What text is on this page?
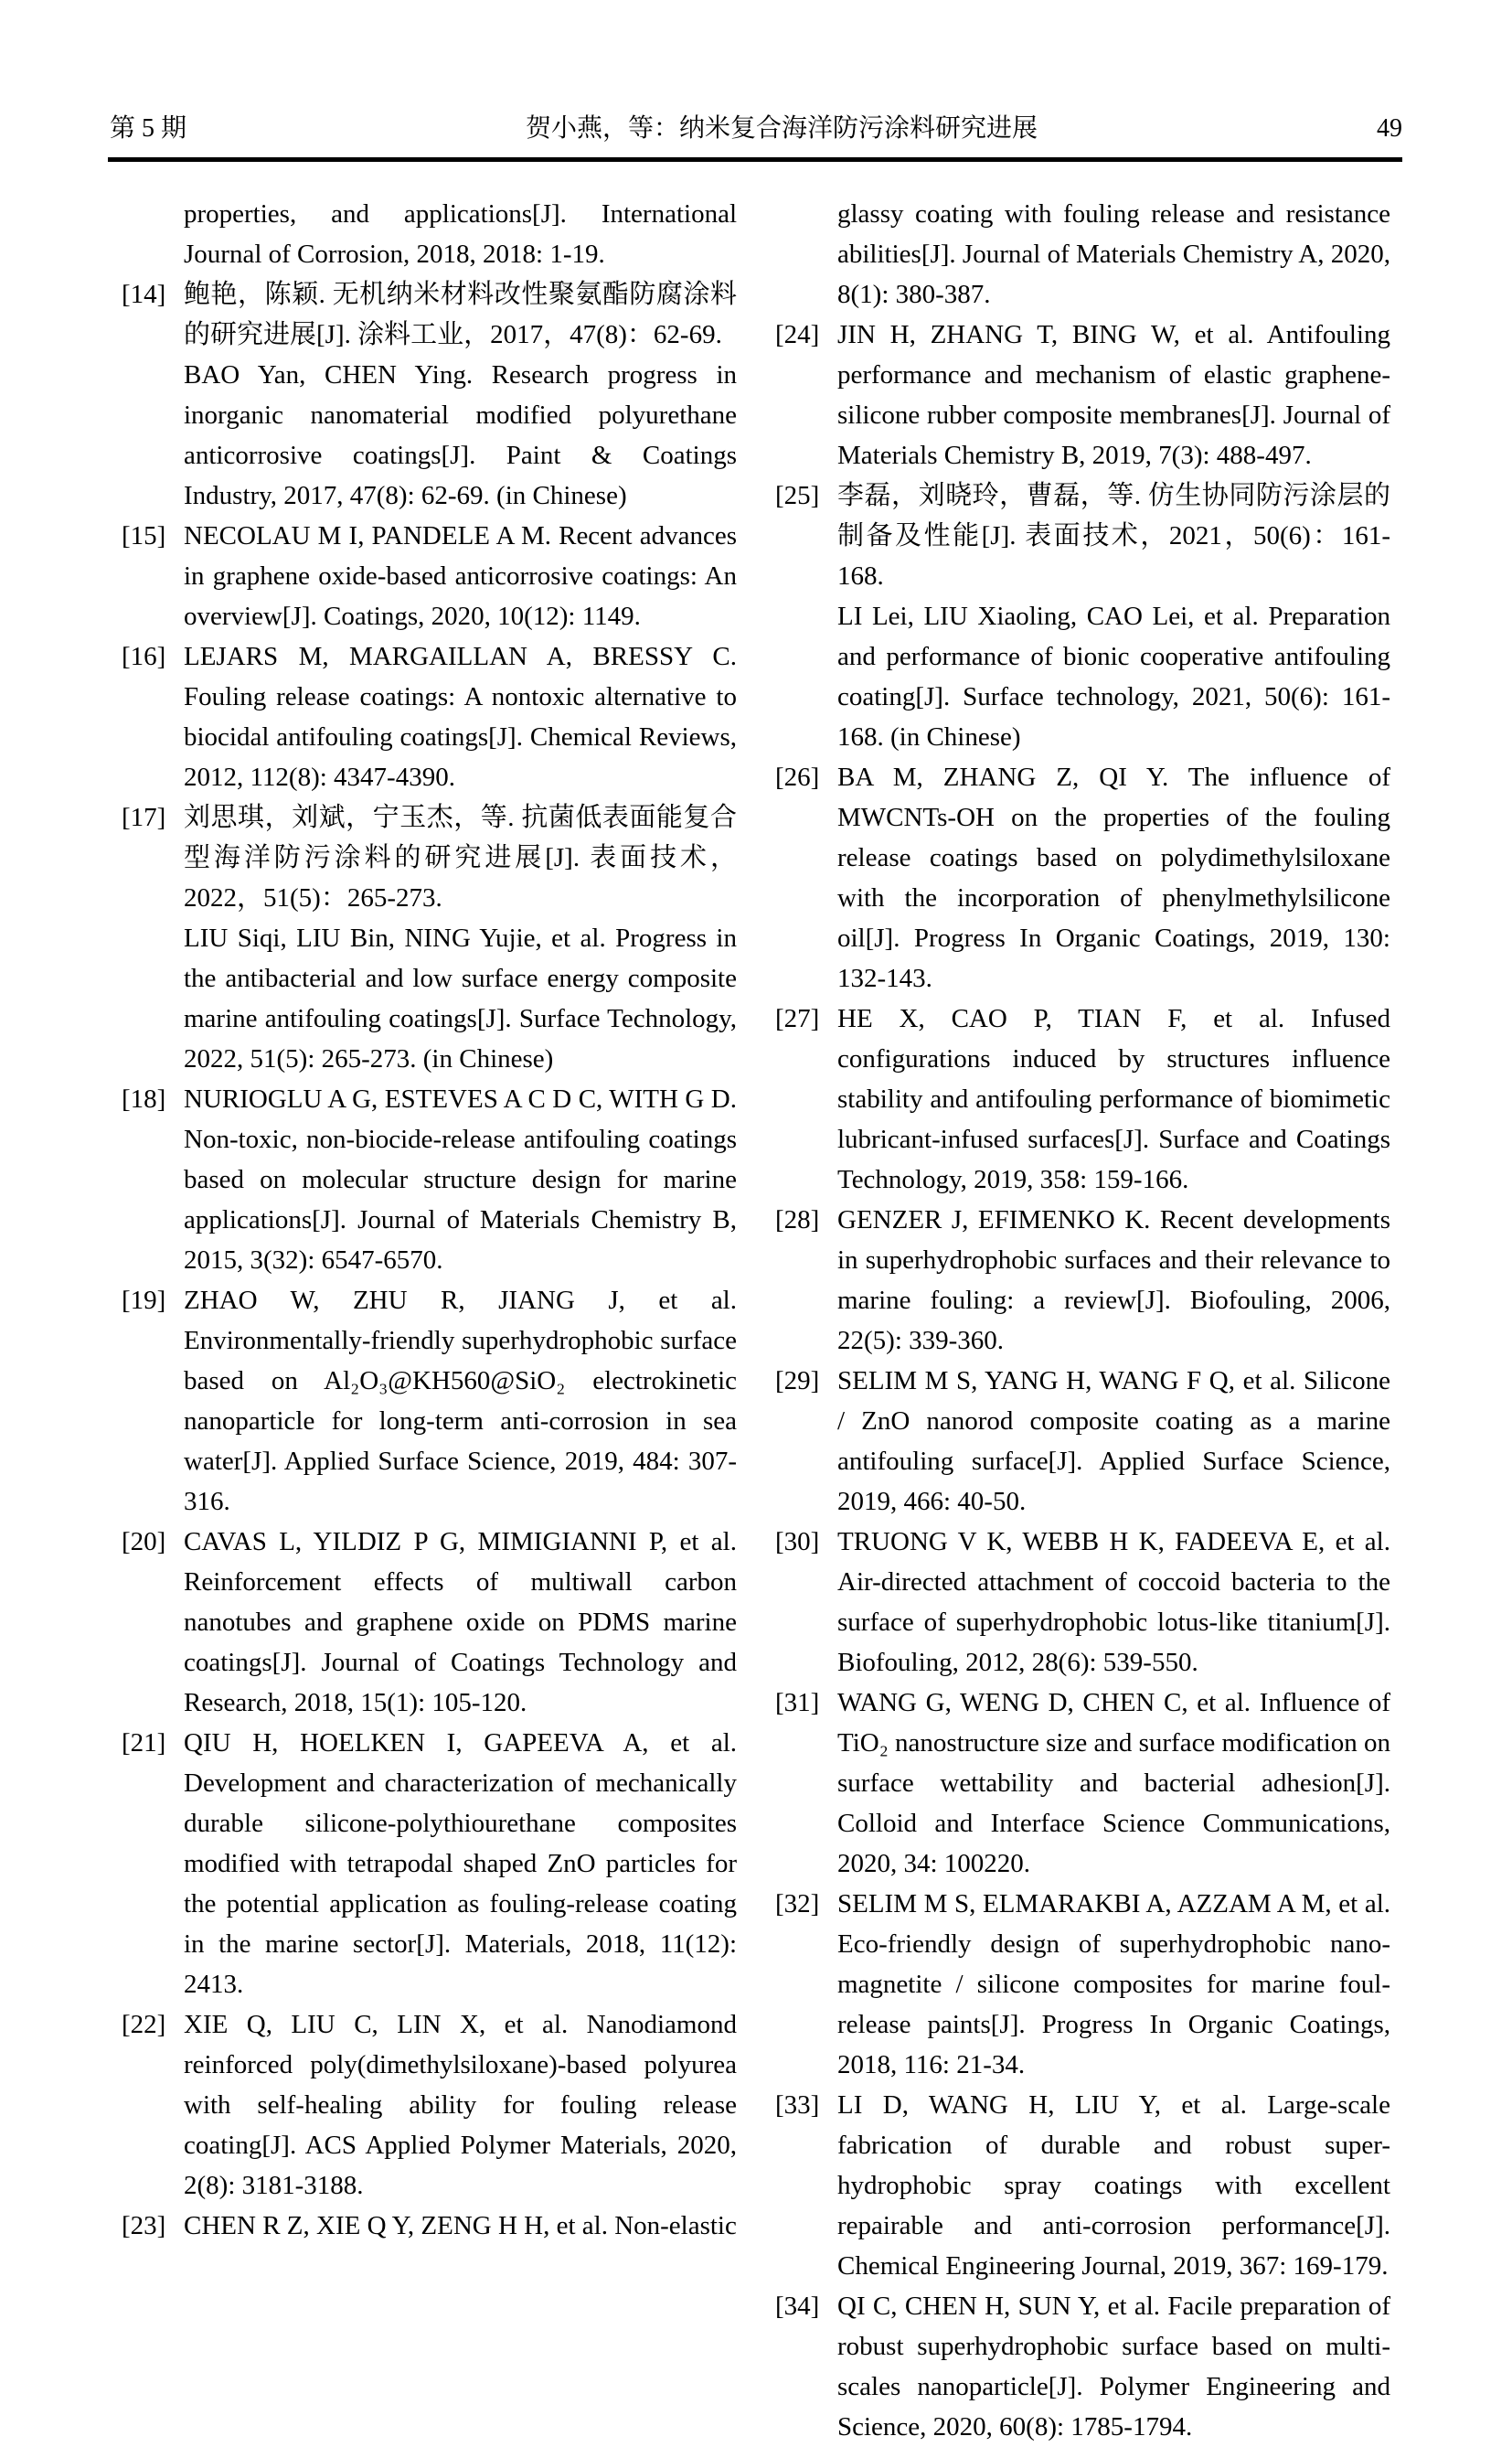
第 5 期	贺小燕，等：纳米复合海洋防污涂料研究进展	49

properties, and applications[J]. International Journal of Corrosion, 2018, 2018: 1-19.

[14] 鲍艳，陈颖. 无机纳米材料改性聚氨酯防腐涂料的研究进展[J]. 涂料工业，2017，47(8)：62-69.

BAO Yan, CHEN Ying. Research progress in inorganic nanomaterial modified polyurethane anticorrosive coatings[J]. Paint & Coatings Industry, 2017, 47(8): 62-69. (in Chinese)

[15] NECOLAU M I, PANDELE A M. Recent advances in graphene oxide-based anticorrosive coatings: An overview[J]. Coatings, 2020, 10(12): 1149.

[16] LEJARS M, MARGAILLAN A, BRESSY C. Fouling release coatings: A nontoxic alternative to biocidal antifouling coatings[J]. Chemical Reviews, 2012, 112(8): 4347-4390.

[17] 刘思琪，刘斌，宁玉杰，等. 抗菌低表面能复合型海洋防污涂料的研究进展[J]. 表面技术，2022，51(5)：265-273.

LIU Siqi, LIU Bin, NING Yujie, et al. Progress in the antibacterial and low surface energy composite marine antifouling coatings[J]. Surface Technology, 2022, 51(5): 265-273. (in Chinese)

[18] NURIOGLU A G, ESTEVES A C D C, WITH G D. Non-toxic, non-biocide-release antifouling coatings based on molecular structure design for marine applications[J]. Journal of Materials Chemistry B, 2015, 3(32): 6547-6570.

[19] ZHAO W, ZHU R, JIANG J, et al. Environmentally-friendly superhydrophobic surface based on Al₂O₃@KH560@SiO₂ electrokinetic nanoparticle for long-term anti-corrosion in sea water[J]. Applied Surface Science, 2019, 484: 307-316.

[20] CAVAS L, YILDIZ P G, MIMIGIANNI P, et al. Reinforcement effects of multiwall carbon nanotubes and graphene oxide on PDMS marine coatings[J]. Journal of Coatings Technology and Research, 2018, 15(1): 105-120.

[21] QIU H, HOELKEN I, GAPEEVA A, et al. Development and characterization of mechanically durable silicone-polythiourethane composites modified with tetrapodal shaped ZnO particles for the potential application as fouling-release coating in the marine sector[J]. Materials, 2018, 11(12): 2413.

[22] XIE Q, LIU C, LIN X, et al. Nanodiamond reinforced poly(dimethylsiloxane)-based polyurea with self-healing ability for fouling release coating[J]. ACS Applied Polymer Materials, 2020, 2(8): 3181-3188.

[23] CHEN R Z, XIE Q Y, ZENG H H, et al. Non-elastic

glassy coating with fouling release and resistance abilities[J]. Journal of Materials Chemistry A, 2020, 8(1): 380-387.

[24] JIN H, ZHANG T, BING W, et al. Antifouling performance and mechanism of elastic graphene-silicone rubber composite membranes[J]. Journal of Materials Chemistry B, 2019, 7(3): 488-497.

[25] 李磊，刘晓玲，曹磊，等. 仿生协同防污涂层的制备及性能[J]. 表面技术，2021，50(6)：161-168.

LI Lei, LIU Xiaoling, CAO Lei, et al. Preparation and performance of bionic cooperative antifouling coating[J]. Surface technology, 2021, 50(6): 161-168. (in Chinese)

[26] BA M, ZHANG Z, QI Y. The influence of MWCNTs-OH on the properties of the fouling release coatings based on polydimethylsiloxane with the incorporation of phenylmethylsilicone oil[J]. Progress In Organic Coatings, 2019, 130: 132-143.

[27] HE X, CAO P, TIAN F, et al. Infused configurations induced by structures influence stability and antifouling performance of biomimetic lubricant-infused surfaces[J]. Surface and Coatings Technology, 2019, 358: 159-166.

[28] GENZER J, EFIMENKO K. Recent developments in superhydrophobic surfaces and their relevance to marine fouling: a review[J]. Biofouling, 2006, 22(5): 339-360.

[29] SELIM M S, YANG H, WANG F Q, et al. Silicone / ZnO nanorod composite coating as a marine antifouling surface[J]. Applied Surface Science, 2019, 466: 40-50.

[30] TRUONG V K, WEBB H K, FADEEVA E, et al. Air-directed attachment of coccoid bacteria to the surface of superhydrophobic lotus-like titanium[J]. Biofouling, 2012, 28(6): 539-550.

[31] WANG G, WENG D, CHEN C, et al. Influence of TiO₂ nanostructure size and surface modification on surface wettability and bacterial adhesion[J]. Colloid and Interface Science Communications, 2020, 34: 100220.

[32] SELIM M S, ELMARAKBI A, AZZAM A M, et al. Eco-friendly design of superhydrophobic nano-magnetite / silicone composites for marine foul-release paints[J]. Progress In Organic Coatings, 2018, 116: 21-34.

[33] LI D, WANG H, LIU Y, et al. Large-scale fabrication of durable and robust super-hydrophobic spray coatings with excellent repairable and anti-corrosion performance[J]. Chemical Engineering Journal, 2019, 367: 169-179.

[34] QI C, CHEN H, SUN Y, et al. Facile preparation of robust superhydrophobic surface based on multi-scales nanoparticle[J]. Polymer Engineering and Science, 2020, 60(8): 1785-1794.
